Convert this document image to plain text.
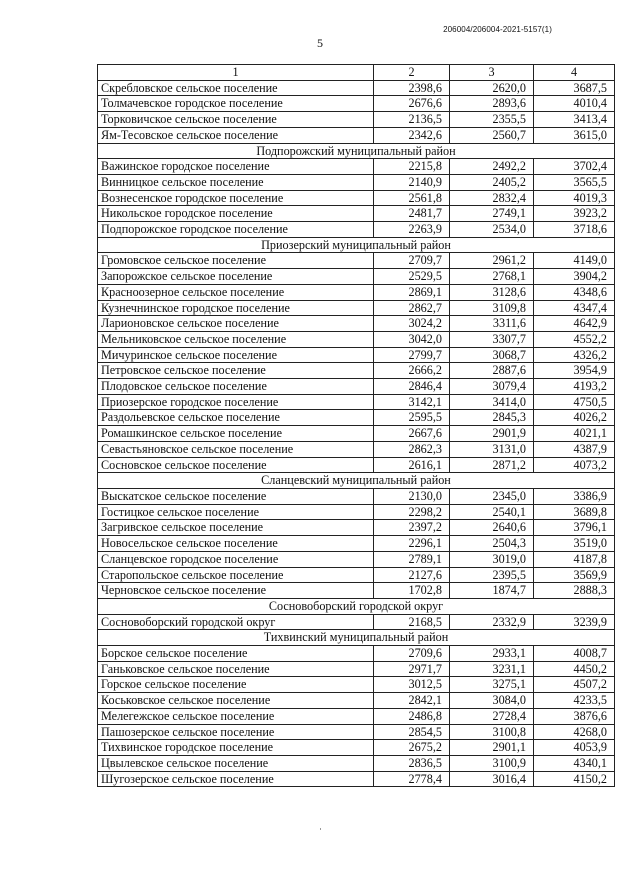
206004/206004-2021-5157(1)
5
1	2	3	4
Скребловское сельское поселение	2398,6	2620,0	3687,5
Толмачевское городское поселение	2676,6	2893,6	4010,4
Торковичское сельское поселение	2136,5	2355,5	3413,4
Ям-Тесовское сельское поселение	2342,6	2560,7	3615,0
Подпорожский муниципальный район			
Важинское городское поселение	2215,8	2492,2	3702,4
Винницкое сельское поселение	2140,9	2405,2	3565,5
Вознесенское городское поселение	2561,8	2832,4	4019,3
Никольское городское поселение	2481,7	2749,1	3923,2
Подпорожское городское поселение	2263,9	2534,0	3718,6
Приозерский муниципальный район			
Громовское сельское поселение	2709,7	2961,2	4149,0
Запорожское сельское поселение	2529,5	2768,1	3904,2
Красноозерное сельское поселение	2869,1	3128,6	4348,6
Кузнечнинское городское поселение	2862,7	3109,8	4347,4
Ларионовское сельское поселение	3024,2	3311,6	4642,9
Мельниковское сельское поселение	3042,0	3307,7	4552,2
Мичуринское сельское поселение	2799,7	3068,7	4326,2
Петровское сельское поселение	2666,2	2887,6	3954,9
Плодовское сельское поселение	2846,4	3079,4	4193,2
Приозерское городское поселение	3142,1	3414,0	4750,5
Раздольевское сельское поселение	2595,5	2845,3	4026,2
Ромашкинское сельское поселение	2667,6	2901,9	4021,1
Севастьяновское сельское поселение	2862,3	3131,0	4387,9
Сосновское сельское поселение	2616,1	2871,2	4073,2
Сланцевский муниципальный район			
Выскатское сельское поселение	2130,0	2345,0	3386,9
Гостицкое сельское поселение	2298,2	2540,1	3689,8
Загривское сельское поселение	2397,2	2640,6	3796,1
Новосельское сельское поселение	2296,1	2504,3	3519,0
Сланцевское городское поселение	2789,1	3019,0	4187,8
Старопольское сельское поселение	2127,6	2395,5	3569,9
Черновское сельское поселение	1702,8	1874,7	2888,3
Сосновоборский городской округ			
Сосновоборский городской округ	2168,5	2332,9	3239,9
Тихвинский муниципальный район			
Борское сельское поселение	2709,6	2933,1	4008,7
Ганьковское сельское поселение	2971,7	3231,1	4450,2
Горское сельское поселение	3012,5	3275,1	4507,2
Коськовское сельское поселение	2842,1	3084,0	4233,5
Мелегежское сельское поселение	2486,8	2728,4	3876,6
Пашозерское сельское поселение	2854,5	3100,8	4268,0
Тихвинское городское поселение	2675,2	2901,1	4053,9
Цвылевское сельское поселение	2836,5	3100,9	4340,1
Шугозерское сельское поселение	2778,4	3016,4	4150,2
